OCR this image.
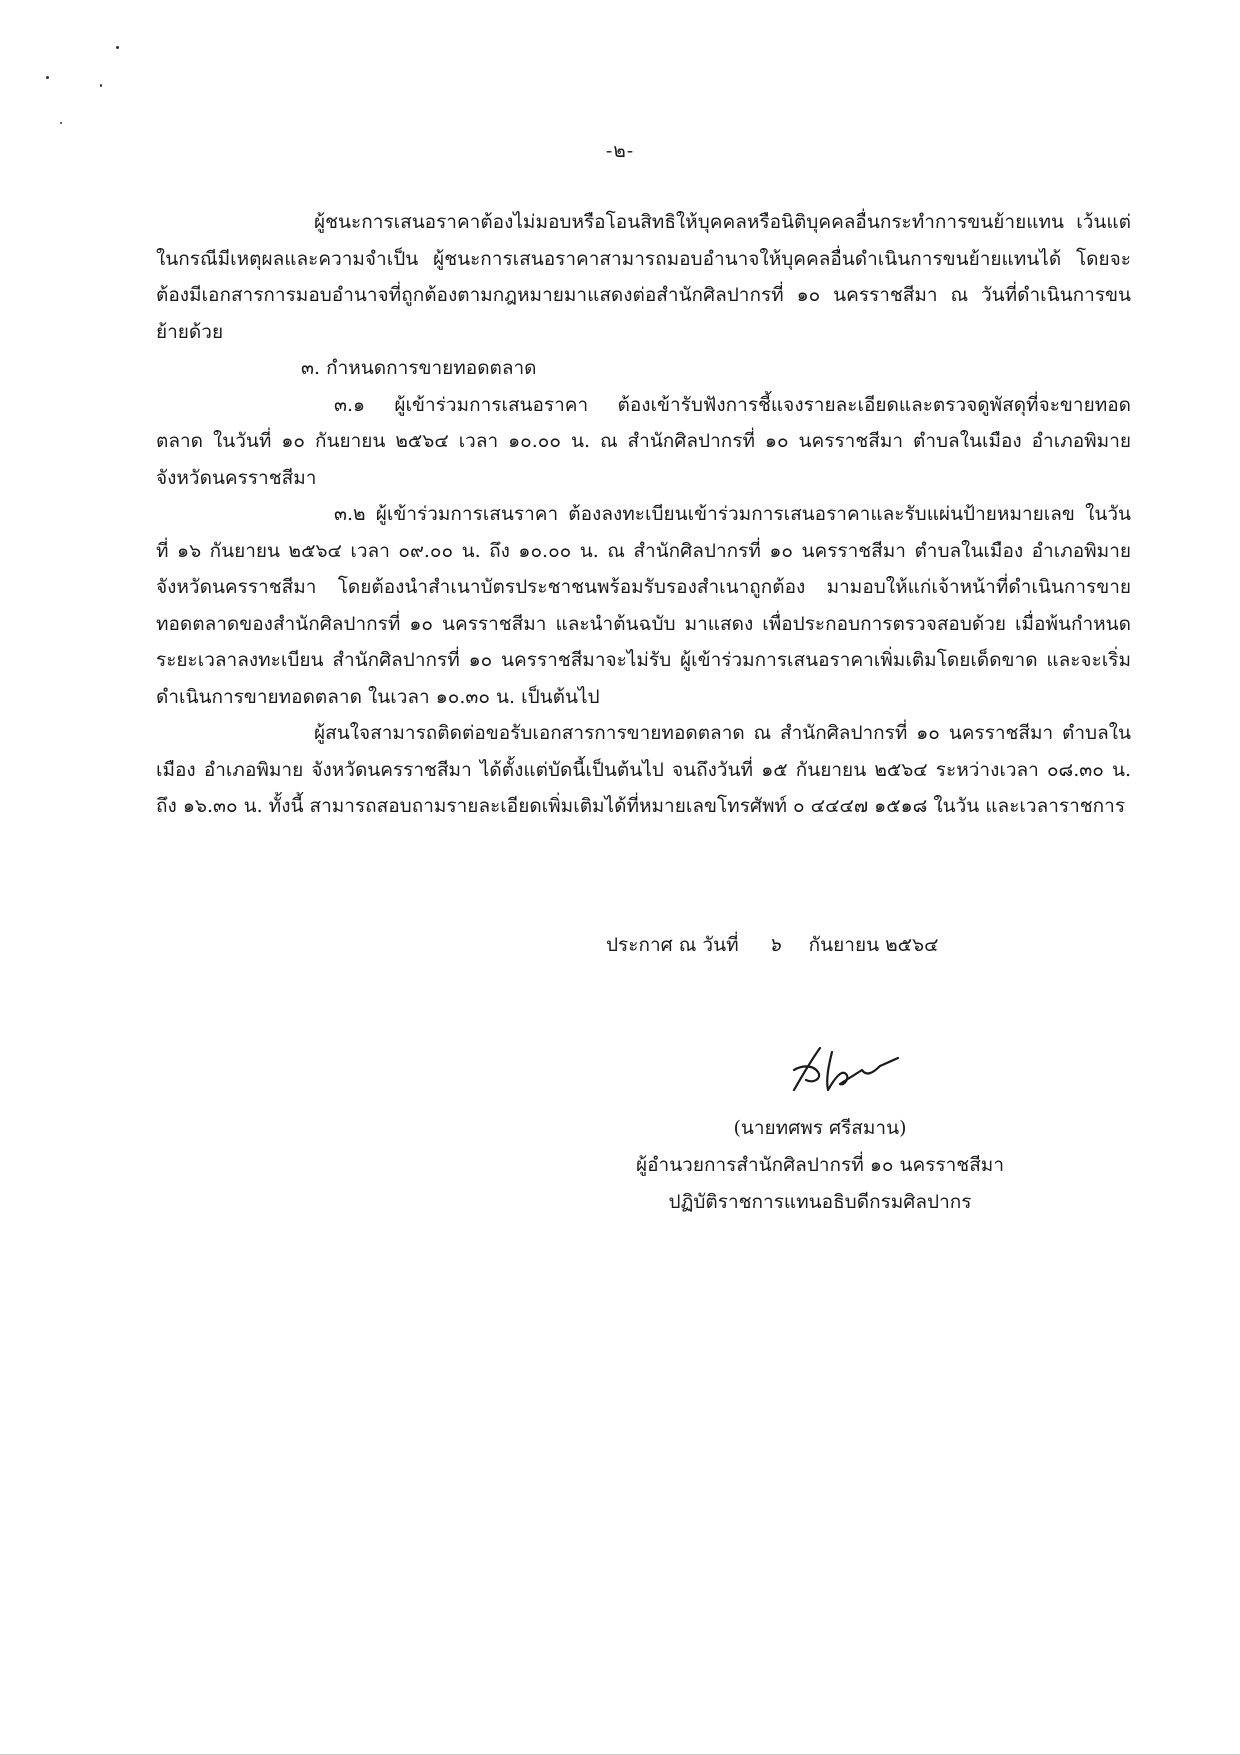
-๒-

ผู้ชนะการเสนอราคาต้องไม่มอบหรือโอนสิทธิให้บุคคลหรือนิติบุคคลอื่นกระทำการขนย้ายแทน เว้นแต่ในกรณีมีเหตุผลและความจำเป็น ผู้ชนะการเสนอราคาสามารถมอบอำนาจให้บุคคลอื่นดำเนินการขนย้ายแทนได้ โดยจะต้องมีเอกสารการมอบอำนาจที่ถูกต้องตามกฎหมายมาแสดงต่อสำนักศิลปากรที่ ๑๐ นครราชสีมา ณ วันที่ดำเนินการขนย้ายด้วย

๓. กำหนดการขายทอดตลาด

๓.๑ ผู้เข้าร่วมการเสนอราคา ต้องเข้ารับฟังการชี้แจงรายละเอียดและตรวจดูพัสดุที่จะขายทอดตลาด ในวันที่ ๑๐ กันยายน ๒๕๖๔ เวลา ๑๐.๐๐ น. ณ สำนักศิลปากรที่ ๑๐ นครราชสีมา ตำบลในเมือง อำเภอพิมาย จังหวัดนครราชสีมา

๓.๒ ผู้เข้าร่วมการเสนราคา ต้องลงทะเบียนเข้าร่วมการเสนอราคาและรับแผ่นป้ายหมายเลข ในวันที่ ๑๖ กันยายน ๒๕๖๔ เวลา ๐๙.๐๐ น. ถึง ๑๐.๐๐ น. ณ สำนักศิลปากรที่ ๑๐ นครราชสีมา ตำบลในเมือง อำเภอพิมาย จังหวัดนครราชสีมา โดยต้องนำสำเนาบัตรประชาชนพร้อมรับรองสำเนาถูกต้อง มามอบให้แก่เจ้าหน้าที่ดำเนินการขายทอดตลาดของสำนักศิลปากรที่ ๑๐ นครราชสีมา และนำต้นฉบับ มาแสดง เพื่อประกอบการตรวจสอบด้วย เมื่อพ้นกำหนดระยะเวลาลงทะเบียน สำนักศิลปากรที่ ๑๐ นครราชสีมาจะไม่รับ ผู้เข้าร่วมการเสนอราคาเพิ่มเติมโดยเด็ดขาด และจะเริ่มดำเนินการขายทอดตลาด ในเวลา ๑๐.๓๐ น. เป็นต้นไป

ผู้สนใจสามารถติดต่อขอรับเอกสารการขายทอดตลาด ณ สำนักศิลปากรที่ ๑๐ นครราชสีมา ตำบลในเมือง อำเภอพิมาย จังหวัดนครราชสีมา ได้ตั้งแต่บัดนี้เป็นต้นไป จนถึงวันที่ ๑๕ กันยายน ๒๕๖๔ ระหว่างเวลา ๐๘.๓๐ น. ถึง ๑๖.๓๐ น. ทั้งนี้ สามารถสอบถามรายละเอียดเพิ่มเติมได้ที่หมายเลขโทรศัพท์ ๐ ๔๔๔๗ ๑๕๑๘ ในวัน และเวลาราชการ

ประกาศ ณ วันที่ ๖ กันยายน ๒๕๖๔
(นายทศพร ศรีสมาน)
ผู้อำนวยการสำนักศิลปากรที่ ๑๐ นครราชสีมา
ปฏิบัติราชการแทนอธิบดีกรมศิลปากร
